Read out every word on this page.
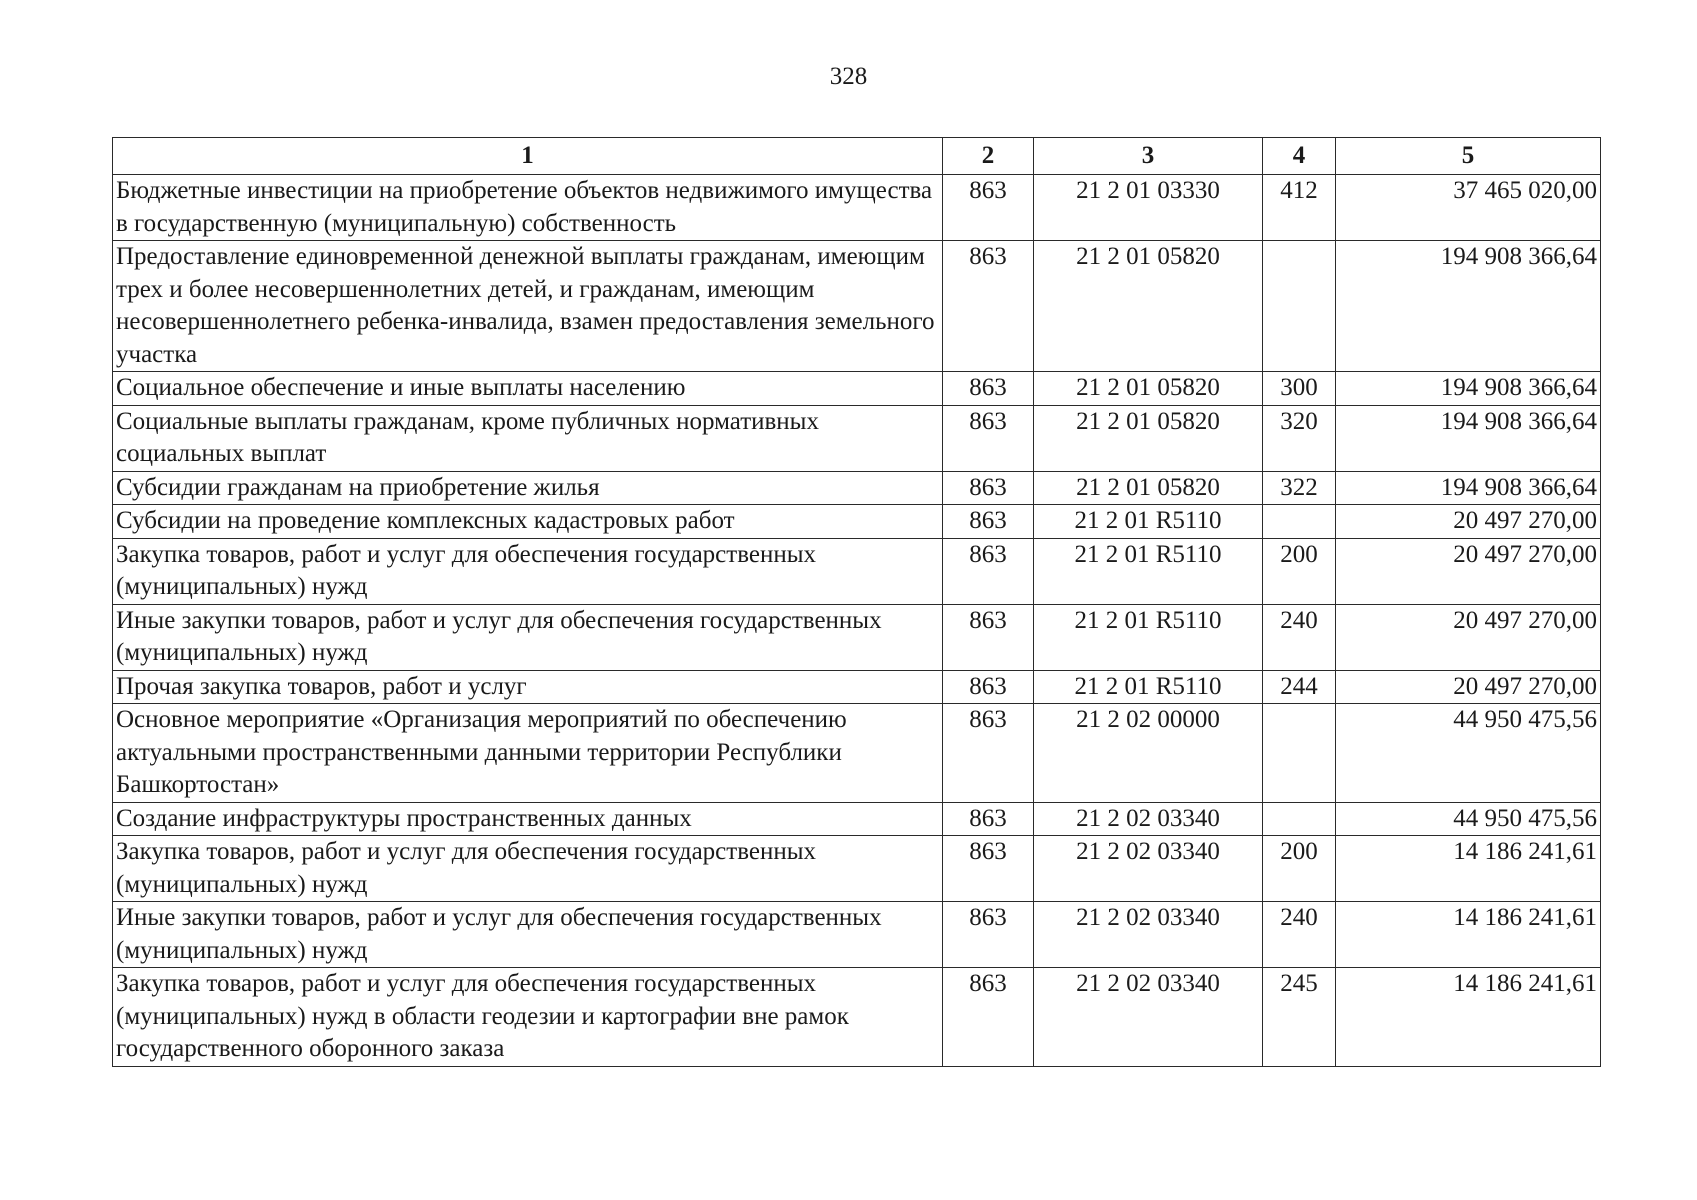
328
1	2	3	4	5
Бюджетные инвестиции на приобретение объектов недвижимого имущества в государственную (муниципальную) собственность	863	21 2 01 03330	412	37 465 020,00
Предоставление единовременной денежной выплаты гражданам, имеющим трех и более несовершеннолетних детей, и гражданам, имеющим несовершеннолетнего ребенка-инвалида, взамен предоставления земельного участка	863	21 2 01 05820		194 908 366,64
Социальное обеспечение и иные выплаты населению	863	21 2 01 05820	300	194 908 366,64
Социальные выплаты гражданам, кроме публичных нормативных социальных выплат	863	21 2 01 05820	320	194 908 366,64
Субсидии гражданам на приобретение жилья	863	21 2 01 05820	322	194 908 366,64
Субсидии на проведение комплексных кадастровых работ	863	21 2 01 R5110		20 497 270,00
Закупка товаров, работ и услуг для обеспечения государственных (муниципальных) нужд	863	21 2 01 R5110	200	20 497 270,00
Иные закупки товаров, работ и услуг для обеспечения государственных (муниципальных) нужд	863	21 2 01 R5110	240	20 497 270,00
Прочая закупка товаров, работ и услуг	863	21 2 01 R5110	244	20 497 270,00
Основное мероприятие «Организация мероприятий по обеспечению актуальными пространственными данными территории Республики Башкортостан»	863	21 2 02 00000		44 950 475,56
Создание инфраструктуры пространственных данных	863	21 2 02 03340		44 950 475,56
Закупка товаров, работ и услуг для обеспечения государственных (муниципальных) нужд	863	21 2 02 03340	200	14 186 241,61
Иные закупки товаров, работ и услуг для обеспечения государственных (муниципальных) нужд	863	21 2 02 03340	240	14 186 241,61
Закупка товаров, работ и услуг для обеспечения государственных (муниципальных) нужд в области геодезии и картографии вне рамок государственного оборонного заказа	863	21 2 02 03340	245	14 186 241,61
